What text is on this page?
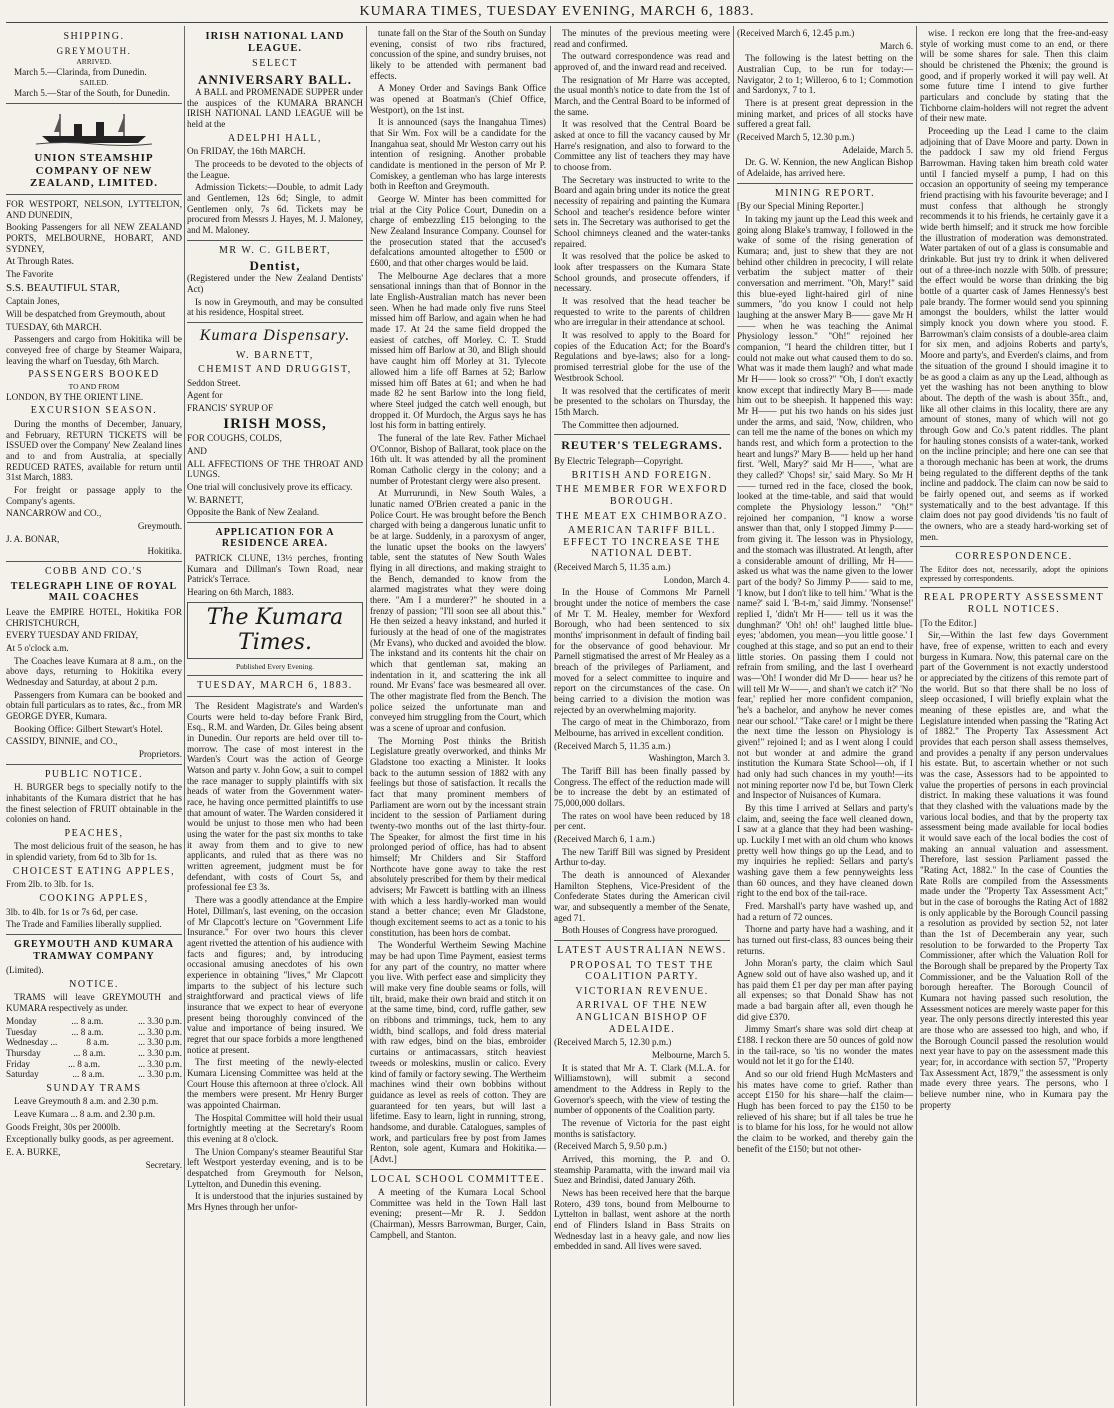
KUMARA TIMES, TUESDAY EVENING, MARCH 6, 1883.
SHIPPING.
GREYMOUTH.
ARRIVED.

March 5.—Clarinda, from Dunedin.

SAILED.

March 5.—Star of the South, for Dunedin.

UNION STEAMSHIP COMPANY OF NEW ZEALAND, LIMITED.

FOR WESTPORT, NELSON, LYTTELTON, AND DUNEDIN,

Booking Passengers for all NEW ZEALAND PORTS, MELBOURNE, HOBART, AND SYDNEY,

At Through Rates.

The Favorite

S.S. BEAUTIFUL STAR,

Captain Jones,

Will be despatched from Greymouth, about

TUESDAY, 6th MARCH.

Passengers and cargo from Hokitika will be conveyed free of charge by Steamer Waipara, leaving the wharf on Tuesday, 6th March.

PASSENGERS BOOKED
TO AND FROM

LONDON, BY THE ORIENT LINE.

EXCURSION SEASON.

During the months of December, January, and February, RETURN TICKETS will be ISSUED over the Company' New Zealand lines and to and from Australia, at specially REDUCED RATES, available for return until 31st March, 1883.

For freight or passage apply to the Company's agents.

NANCARROW and CO.,

Greymouth.

J. A. BONAR,

Hokitika.

COBB AND CO.'S
TELEGRAPH LINE OF ROYAL MAIL COACHES

Leave the EMPIRE HOTEL, Hokitika FOR CHRISTCHURCH,

EVERY TUESDAY AND FRIDAY,

At 5 o'clock a.m.

The Coaches leave Kumara at 8 a.m., on the above days, returning to Hokitika every Wednesday and Saturday, at about 2 p.m.

Passengers from Kumara can be booked and obtain full particulars as to rates, &c., from MR GEORGE DYER, Kumara.

Booking Office: Gilbert Stewart's Hotel.

CASSIDY, BINNIE, and CO.,

Proprietors.

PUBLIC NOTICE.

H. BURGER begs to specially notify to the inhabitants of the Kumara district that he has the finest selection of FRUIT obtainable in the colonies on hand.

PEACHES,

The most delicious fruit of the season, he has in splendid variety, from 6d to 3lb for 1s.

CHOICEST EATING APPLES,

From 2lb. to 3lb. for 1s.

COOKING APPLES,

3lb. to 4lb. for 1s or 7s 6d, per case.

The Trade and Families liberally supplied.

GREYMOUTH AND KUMARA TRAMWAY COMPANY

(Limited).

NOTICE.

TRAMS will leave GREYMOUTH and KUMARA respectively as under.

Monday	... 8 a.m.	... 3.30 p.m.
Tuesday	... 8 a.m.	... 3.30 p.m.
Wednesday ...	8 a.m.	... 3.30 p.m.
Thursday	... 8 a.m.	... 3.30 p.m.
Friday	... 8 a.m.	... 3.30 p.m.
Saturday	... 8 a.m.	... 3.30 p.m.
SUNDAY TRAMS

Leave Greymouth 8 a.m. and 2.30 p.m.

Leave Kumara ... 8 a.m. and 2.30 p.m.

Goods Freight, 30s per 2000lb.

Exceptionally bulky goods, as per agreement.

E. A. BURKE,

Secretary.

IRISH NATIONAL LAND LEAGUE.
SELECT
ANNIVERSARY BALL.

A BALL and PROMENADE SUPPER under the auspices of the KUMARA BRANCH IRISH NATIONAL LAND LEAGUE will be held at the

ADELPHI HALL,

On FRIDAY, the 16th MARCH.

The proceeds to be devoted to the objects of the League.

Admission Tickets:—Double, to admit Lady and Gentlemen, 12s 6d; Single, to admit Gentlemen only, 7s 6d. Tickets may be procured from Messrs J. Hayes, M. J. Maloney, and M. Maloney.

MR W. C. GILBERT,
Dentist,

(Registered under the New Zealand Dentists' Act)

Is now in Greymouth, and may be consulted at his residence, Hospital street.

Kumara Dispensary.
W. BARNETT,
CHEMIST AND DRUGGIST,

Seddon Street.

Agent for

FRANCIS' SYRUP OF

IRISH MOSS,

FOR COUGHS, COLDS,

AND

ALL AFFECTIONS OF THE THROAT AND LUNGS.

One trial will conclusively prove its efficacy.

W. BARNETT,

Opposite the Bank of New Zealand.

APPLICATION FOR A RESIDENCE AREA.

PATRICK CLUNE, 13½ perches, fronting Kumara and Dillman's Town Road, near Patrick's Terrace.

Hearing on 6th March, 1883.

The Kumara Times.
Published Every Evening.
TUESDAY, MARCH 6, 1883.

The Resident Magistrate's and Warden's Courts were held to-day before Frank Bird, Esq., R.M. and Warden, Dr. Giles being absent in Dunedin. Our reports are held over till to-morrow. The case of most interest in the Warden's Court was the action of George Watson and party v. John Gow, a suit to compel the race manager to supply plaintiffs with six heads of water from the Government water-race, he having once permitted plaintiffs to use that amount of water. The Warden considered it would be unjust to those men who had been using the water for the past six months to take it away from them and to give to new applicants, and ruled that as there was no written agreement, judgment must be for defendant, with costs of Court 5s, and professional fee £3 3s.

There was a goodly attendance at the Empire Hotel, Dillman's, last evening, on the occasion of Mr Clapcott's lecture on "Government Life Insurance." For over two hours this clever agent rivetted the attention of his audience with facts and figures; and, by introducing occasional amusing anecdotes of his own experience in obtaining "lives," Mr Clapcott imparts to the subject of his lecture such straightforward and practical views of life insurance that we expect to hear of everyone present being thoroughly convinced of the value and importance of being insured. We regret that our space forbids a more lengthened notice at present.

The first meeting of the newly-elected Kumara Licensing Committee was held at the Court House this afternoon at three o'clock. All the members were present. Mr Henry Burger was appointed Chairman.

The Hospital Committee will hold their usual fortnightly meeting at the Secretary's Room this evening at 8 o'clock.

The Union Company's steamer Beautiful Star left Westport yesterday evening, and is to be despatched from Greymouth for Nelson, Lyttelton, and Dunedin this evening.

It is understood that the injuries sustained by Mrs Hynes through her unfor-

tunate fall on the Star of the South on Sunday evening, consist of two ribs fractured, concussion of the spine, and sundry bruises, not likely to be attended with permanent bad effects.

A Money Order and Savings Bank Office was opened at Boatman's (Chief Office, Westport), on the 1st inst.

It is announced (says the Inangahua Times) that Sir Wm. Fox will be a candidate for the Inangahua seat, should Mr Weston carry out his intention of resigning. Another probable candidate is mentioned in the person of Mr P. Comiskey, a gentleman who has large interests both in Reefton and Greymouth.

George W. Minter has been committed for trial at the City Police Court, Dunedin on a charge of embezzling £15 belonging to the New Zealand Insurance Company. Counsel for the prosecution stated that the accused's defalcations amounted altogether to £500 or £600, and that other charges would be laid.

The Melbourne Age declares that a more sensational innings than that of Bonnor in the late English-Australian match has never been seen. When he had made only five runs Steel missed him off Barlow, and again when he had made 17. At 24 the same field dropped the easiest of catches, off Morley. C. T. Studd missed him off Barlow at 30, and Bligh should have caught him off Morley at 31. Tylecote allowed him a life off Barnes at 52; Barlow missed him off Bates at 61; and when he had made 82 he sent Barlow into the long field, where Steel judged the catch well enough, but dropped it. Of Murdoch, the Argus says he has lost his form in batting entirely.

The funeral of the late Rev. Father Michael O'Connor, Bishop of Ballarat, took place on the 16th ult. It was attended by all the prominent Roman Catholic clergy in the colony; and a number of Protestant clergy were also present.

At Murrurundi, in New South Wales, a lunatic named O'Brien created a panic in the Police Court. He was brought before the Bench charged with being a dangerous lunatic unfit to be at large. Suddenly, in a paroxysm of anger, the lunatic upset the books on the lawyers' table, sent the statutes of New South Wales flying in all directions, and making straight to the Bench, demanded to know from the alarmed magistrates what they were doing there. "Am I a murderer?" he shouted in a frenzy of passion; "I'll soon see all about this." He then seized a heavy inkstand, and hurled it furiously at the head of one of the magistrates (Mr Evans), who ducked and avoided the blow. The inkstand and its contents hit the chair on which that gentleman sat, making an indentation in it, and scattering the ink all round. Mr Evans' face was besmeared all over. The other magistrate fled from the Bench. The police seized the unfortunate man and conveyed him struggling from the Court, which was a scene of uproar and confusion.

The Morning Post thinks the British Legislature greatly overworked, and thinks Mr Gladstone too exacting a Minister. It looks back to the autumn session of 1882 with any feelings but those of satisfaction. It recalls the fact that many prominent members of Parliament are worn out by the incessant strain incident to the session of Parliament during twenty-two months out of the last thirty-four. The Speaker, for almost the first time in his prolonged period of office, has had to absent himself; Mr Childers and Sir Stafford Northcote have gone away to take the rest absolutely prescribed for them by their medical advisers; Mr Fawcett is battling with an illness with which a less hardly-worked man would stand a better chance; even Mr Gladstone, though excitement seems to act as a tonic to his constitution, has been hors de combat.

The Wonderful Wertheim Sewing Machine may be had upon Time Payment, easiest terms for any part of the country, no matter where you live. With perfect ease and simplicity they will make very fine double seams or folls, will tilt, braid, make their own braid and stitch it on at the same time, bind, cord, ruffle gather, sew on ribbons and trimmings, tuck, hem to any width, bind scallops, and fold dress material with raw edges, bind on the bias, embroider curtains or antimacassars, stitch heaviest tweeds or moleskins, muslin or calico. Every kind of family or factory sewing. The Wertheim machines wind their own bobbins without guidance as level as reels of cotton. They are guaranteed for ten years, but will last a lifetime. Easy to learn, light in running, strong, handsome, and durable. Catalogues, samples of work, and particulars free by post from James Renton, sole agent, Kumara and Hokitika.—[Advt.]

LOCAL SCHOOL COMMITTEE.

A meeting of the Kumara Local School Committee was held in the Town Hall last evening; present—Mr R. J. Seddon (Chairman), Messrs Barrowman, Burger, Cain, Campbell, and Stanton.

The minutes of the previous meeting were read and confirmed.

The outward correspondence was read and approved of, and the inward read and received.

The resignation of Mr Harre was accepted, the usual month's notice to date from the 1st of March, and the Central Board to be informed of the same.

It was resolved that the Central Board be asked at once to fill the vacancy caused by Mr Harre's resignation, and also to forward to the Committee any list of teachers they may have to choose from.

The Secretary was instructed to write to the Board and again bring under its notice the great necessity of repairing and painting the Kumara School and teacher's residence before winter sets in. The Secretary was authorised to get the School chimneys cleaned and the water-tanks repaired.

It was resolved that the police be asked to look after trespassers on the Kumara State School grounds, and prosecute offenders, if necessary.

It was resolved that the head teacher be requested to write to the parents of children who are irregular in their attendance at school.

It was resolved to apply to the Board for copies of the Education Act; for the Board's Regulations and bye-laws; also for a long-promised terrestrial globe for the use of the Westbrook School.

It was resolved that the certificates of merit be presented to the scholars on Thursday, the 15th March.

The Committee then adjourned.

REUTER'S TELEGRAMS.

By Electric Telegraph—Copyright.

BRITISH AND FOREIGN.
THE MEMBER FOR WEXFORD BOROUGH.
THE MEAT EX CHIMBORAZO.
AMERICAN TARIFF BILL. EFFECT TO INCREASE THE NATIONAL DEBT.

(Received March 5, 11.35 a.m.)

London, March 4.

In the House of Commons Mr Parnell brought under the notice of members the case of Mr T. M. Healey, member for Wexford Borough, who had been sentenced to six months' imprisonment in default of finding bail for the observance of good behaviour. Mr Parnell stigmatised the arrest of Mr Healey as a breach of the privileges of Parliament, and moved for a select committee to inquire and report on the circumstances of the case. On being carried to a division the motion was rejected by an overwhelming majority.

The cargo of meat in the Chimborazo, from Melbourne, has arrived in excellent condition.

(Received March 5, 11.35 a.m.)

Washington, March 3.

The Tariff Bill has been finally passed by Congress. The effect of the reduction made will be to increase the debt by an estimated of 75,000,000 dollars.

The rates on wool have been reduced by 18 per cent.

(Received March 6, 1 a.m.)

The new Tariff Bill was signed by President Arthur to-day.

The death is announced of Alexander Hamilton Stephens, Vice-President of the Confederate States during the American civil war, and subsequently a member of the Senate, aged 71.

Both Houses of Congress have prorogued.

LATEST AUSTRALIAN NEWS.
PROPOSAL TO TEST THE COALITION PARTY.
VICTORIAN REVENUE.
ARRIVAL OF THE NEW ANGLICAN BISHOP OF ADELAIDE.

(Received March 5, 12.30 p.m.)

Melbourne, March 5.

It is stated that Mr A. T. Clark (M.L.A. for Williamstown), will submit a second amendment to the Address in Reply to the Governor's speech, with the view of testing the number of opponents of the Coalition party.

The revenue of Victoria for the past eight months is satisfactory.

(Received March 5, 9.50 p.m.)

Arrived, this morning, the P. and O. steamship Paramatta, with the inward mail via Suez and Brindisi, dated January 26th.

News has been received here that the barque Rotero, 439 tons, bound from Melbourne to Lyttelton in ballast, went ashore at the north end of Flinders Island in Bass Straits on Wednesday last in a heavy gale, and now lies embedded in sand. All lives were saved.

(Received March 6, 12.45 p.m.)

March 6.

The following is the latest betting on the Australian Cup, to be run for today:—Navigator, 2 to 1; Willeroo, 6 to 1; Commotion and Sardonyx, 7 to 1.

There is at present great depression in the mining market, and prices of all stocks have suffered a great fall.

(Received March 5, 12.30 p.m.)

Adelaide, March 5.

Dr. G. W. Kennion, the new Anglican Bishop of Adelaide, has arrived here.

MINING REPORT.

[By our Special Mining Reporter.]

In taking my jaunt up the Lead this week and going along Blake's tramway, I followed in the wake of some of the rising generation of Kumara; and, just to shew that they are not behind other children in precocity, I will relate verbatim the subject matter of their conversation and merriment. "Oh, Mary!" said this blue-eyed light-haired girl of nine summers, "do you know I could not help laughing at the answer Mary B—— gave Mr H—— when he was teaching the Animal Physiology lesson." "Oh!" rejoined her companion, "I heard the children titter, but I could not make out what caused them to do so. What was it made them laugh? and what made Mr H—— look so cross?" "Oh, I don't exactly know except that indirectly Mary B—— made him out to be sheepish. It happened this way: Mr H—— put his two hands on his sides just under the arms, and said, 'Now, children, who can tell me the name of the bones on which my hands rest, and which form a protection to the heart and lungs?' Mary B—— held up her hand first. 'Well, Mary?' said Mr H——, 'what are they called?' 'Chops! sir,' said Mary. So Mr H—— turned red in the face, closed the book, looked at the time-table, and said that would complete the Physiology lesson." "Oh!" rejoined her companion, "I know a worse answer than that, only I stopped Jimmy P—— from giving it. The lesson was in Physiology, and the stomach was illustrated. At length, after a considerable amount of drilling, Mr H—— asked us what was the name given to the lower part of the body? So Jimmy P—— said to me, 'I know, but I don't like to tell him.' 'What is the name?' said I. 'B-t-m,' said Jimmy. 'Nonsense!' replied I, 'didn't Mr H—— tell us it was the dunghman?' 'Oh! oh! oh!' laughed little blue-eyes; 'abdomen, you mean—you little goose.' I coughed at this stage, and so put an end to their little stories. On passing them I could not refrain from smiling, and the last I overheard was—'Oh! I wonder did Mr D—— hear us? he will tell Mr W——, and shan't we catch it?' 'No fear,' replied her more confident companion, 'he's a bachelor, and anyhow he never comes near our school.' "Take care! or I might be there the next time the lesson on Physiology is given!" rejoined I; and as I went along I could not but wonder at and admire the grand institution the Kumara State School—oh, if I had only had such chances in my youth!—its not mining reporter now I'd be, but Town Clerk and Inspector of Nuisances of Kumara.

By this time I arrived at Sellars and party's claim, and, seeing the face well cleaned down, I saw at a glance that they had been washing-up. Luckily I met with an old chum who knows pretty well how things go up the Lead, and to my inquiries he replied: Sellars and party's washing gave them a few pennyweights less than 60 ounces, and they have cleaned down right to the end box of the tail-race.

Fred. Marshall's party have washed up, and had a return of 72 ounces.

Thorne and party have had a washing, and it has turned out first-class, 83 ounces being their returns.

John Moran's party, the claim which Saul Agnew sold out of have also washed up, and it has paid them £1 per day per man after paying all expenses; so that Donald Shaw has not made a bad bargain after all, even though he did give £370.

Jimmy Smart's share was sold dirt cheap at £188. I reckon there are 50 ounces of gold now in the tail-race, so 'tis no wonder the mates would not let it go for the £140.

And so our old friend Hugh McMasters and his mates have come to grief. Rather than accept £150 for his share—half the claim—Hugh has been forced to pay the £150 to be relieved of his share; but if all tales be true he is to blame for his loss, for he would not allow the claim to be worked, and thereby gain the benefit of the £150; but not other-

wise. I reckon ere long that the free-and-easy style of working must come to an end, or there will be some shares for sale. Then this claim should be christened the Phœnix; the ground is good, and if properly worked it will pay well. At some future time I intend to give further particulars and conclude by stating that the Tichborne claim-holders will not regret the advent of their new mate.

Proceeding up the Lead I came to the claim adjoining that of Dave Moore and party. Down in the paddock I saw my old friend Fergus Barrowman. Having taken him breath cold water until I fancied myself a pump, I had on this occasion an opportunity of seeing my temperance friend practising with his favourite beverage; and I must confess that although he strongly recommends it to his friends, he certainly gave it a wide berth himself; and it struck me how forcible the illustration of moderation was demonstrated. Water partaken of out of a glass is consumable and drinkable. But just try to drink it when delivered out of a three-inch nozzle with 50lb. of pressure; the effect would be worse than drinking the big bottle of a quarter cask of James Hennessy's best pale brandy. The former would send you spinning amongst the boulders, whilst the latter would simply knock you down where you stood. F. Barrowman's claim consists of a double-area claim for six men, and adjoins Roberts and party's, Moore and party's, and Everden's claims, and from the situation of the ground I should imagine it to be as good a claim as any up the Lead, although as yet the washing has not been anything to blow about. The depth of the wash is about 35ft., and, like all other claims in this locality, there are any amount of stones, many of which will not go through Gow and Co.'s patent riddles. The plant for hauling stones consists of a water-tank, worked on the incline principle; and here one can see that a thorough mechanic has been at work, the drums being regulated to the different depths of the tank incline and paddock. The claim can now be said to be fairly opened out, and seems as if worked systematically and to the best advantage. If this claim does not pay good dividends 'tis no fault of the owners, who are a steady hard-working set of men.

CORRESPONDENCE.

The Editor does not, necessarily, adopt the opinions expressed by correspondents.

REAL PROPERTY ASSESSMENT ROLL NOTICES.

[To the Editor.]

Sir,—Within the last few days Government have, free of expense, written to each and every burgess in Kumara. Now, this paternal care on the part of the Government is not exactly understood or appreciated by the citizens of this remote part of the world. But so that there shall be no loss of sleep occasioned, I will briefly explain what the meaning of these epistles are, and what the Legislature intended when passing the "Rating Act of 1882." The Property Tax Assessment Act provides that each person shall assess themselves, and provides a penalty if any person undervalues his estate. But, to ascertain whether or not such was the case, Assessors had to be appointed to value the properties of persons in each provincial district. In making these valuations it was found that they clashed with the valuations made by the various local bodies, and that by the property tax assessment being made available for local bodies it would save each of the local bodies the cost of making an annual valuation and assessment. Therefore, last session Parliament passed the "Rating Act, 1882." In the case of Counties the Rate Rolls are compiled from the Assessments made under the "Property Tax Assessment Act;" but in the case of boroughs the Rating Act of 1882 is only applicable by the Borough Council passing a resolution as provided by section 52, not later than the 1st of Decemberain any year, such resolution to be forwarded to the Property Tax Commissioner, after which the Valuation Roll for the Borough shall be prepared by the Property Tax Commissioner, and be the Valuation Roll of the borough hereafter. The Borough Council of Kumara not having passed such resolution, the Assessment notices are merely waste paper for this year. The only persons directly interested this year are those who are assessed too high, and who, if the Borough Council passed the resolution would next year have to pay on the assessment made this year; for, in accordance with section 57, "Property Tax Assessment Act, 1879," the assessment is only made every three years. The persons, who I believe number nine, who in Kumara pay the property
